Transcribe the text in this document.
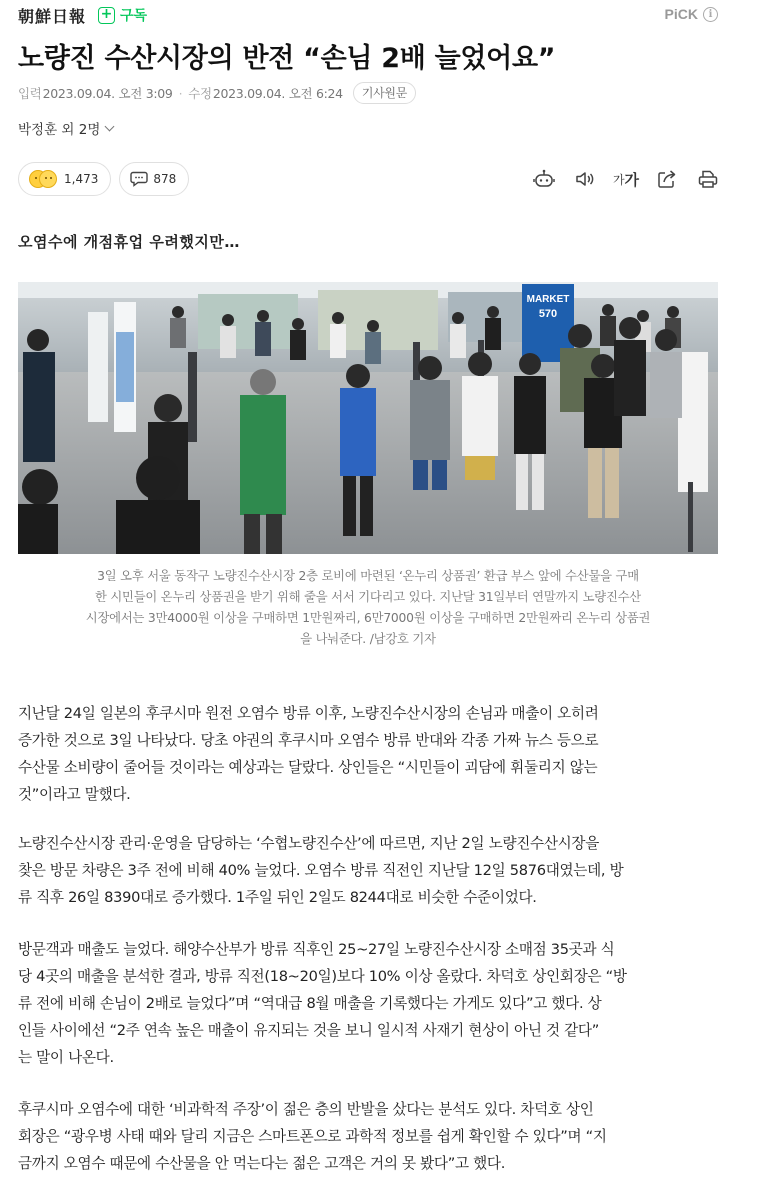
朝鮮日報 + 구독	PiCK	i
노량진 수산시장의 반전 “손님 2배 늘었어요”
입력 2023.09.04. 오전 3:09 · 수정 2023.09.04. 오전 6:24	기사원문
박정훈 외 2명
1,473	878	가 가
오염수에 개점휴업 우려했지만…
MARKET
570
3일 오후 서울 동작구 노량진수산시장 2층 로비에 마련된 ‘온누리 상품권’ 환급 부스 앞에 수산물을 구매
한 시민들이 온누리 상품권을 받기 위해 줄을 서서 기다리고 있다. 지난달 31일부터 연말까지 노량진수산
시장에서는 3만4000원 이상을 구매하면 1만원짜리, 6만7000원 이상을 구매하면 2만원짜리 온누리 상품권
을 나눠준다. /남강호 기자
지난달 24일 일본의 후쿠시마 원전 오염수 방류 이후, 노량진수산시장의 손님과 매출이 오히려
증가한 것으로 3일 나타났다. 당초 야권의 후쿠시마 오염수 방류 반대와 각종 가짜 뉴스 등으로
수산물 소비량이 줄어들 것이라는 예상과는 달랐다. 상인들은 “시민들이 괴담에 휘둘리지 않는
것”이라고 말했다.
노량진수산시장 관리·운영을 담당하는 ‘수협노량진수산’에 따르면, 지난 2일 노량진수산시장을
찾은 방문 차량은 3주 전에 비해 40% 늘었다. 오염수 방류 직전인 지난달 12일 5876대였는데, 방
류 직후 26일 8390대로 증가했다. 1주일 뒤인 2일도 8244대로 비슷한 수준이었다.
방문객과 매출도 늘었다. 해양수산부가 방류 직후인 25~27일 노량진수산시장 소매점 35곳과 식
당 4곳의 매출을 분석한 결과, 방류 직전(18~20일)보다 10% 이상 올랐다. 차덕호 상인회장은 “방
류 전에 비해 손님이 2배로 늘었다”며 “역대급 8월 매출을 기록했다는 가게도 있다”고 했다. 상
인들 사이에선 “2주 연속 높은 매출이 유지되는 것을 보니 일시적 사재기 현상이 아닌 것 같다”
는 말이 나온다.
후쿠시마 오염수에 대한 ‘비과학적 주장’이 젊은 층의 반발을 샀다는 분석도 있다. 차덕호 상인
회장은 “광우병 사태 때와 달리 지금은 스마트폰으로 과학적 정보를 쉽게 확인할 수 있다”며 “지
금까지 오염수 때문에 수산물을 안 먹는다는 젊은 고객은 거의 못 봤다”고 했다.
